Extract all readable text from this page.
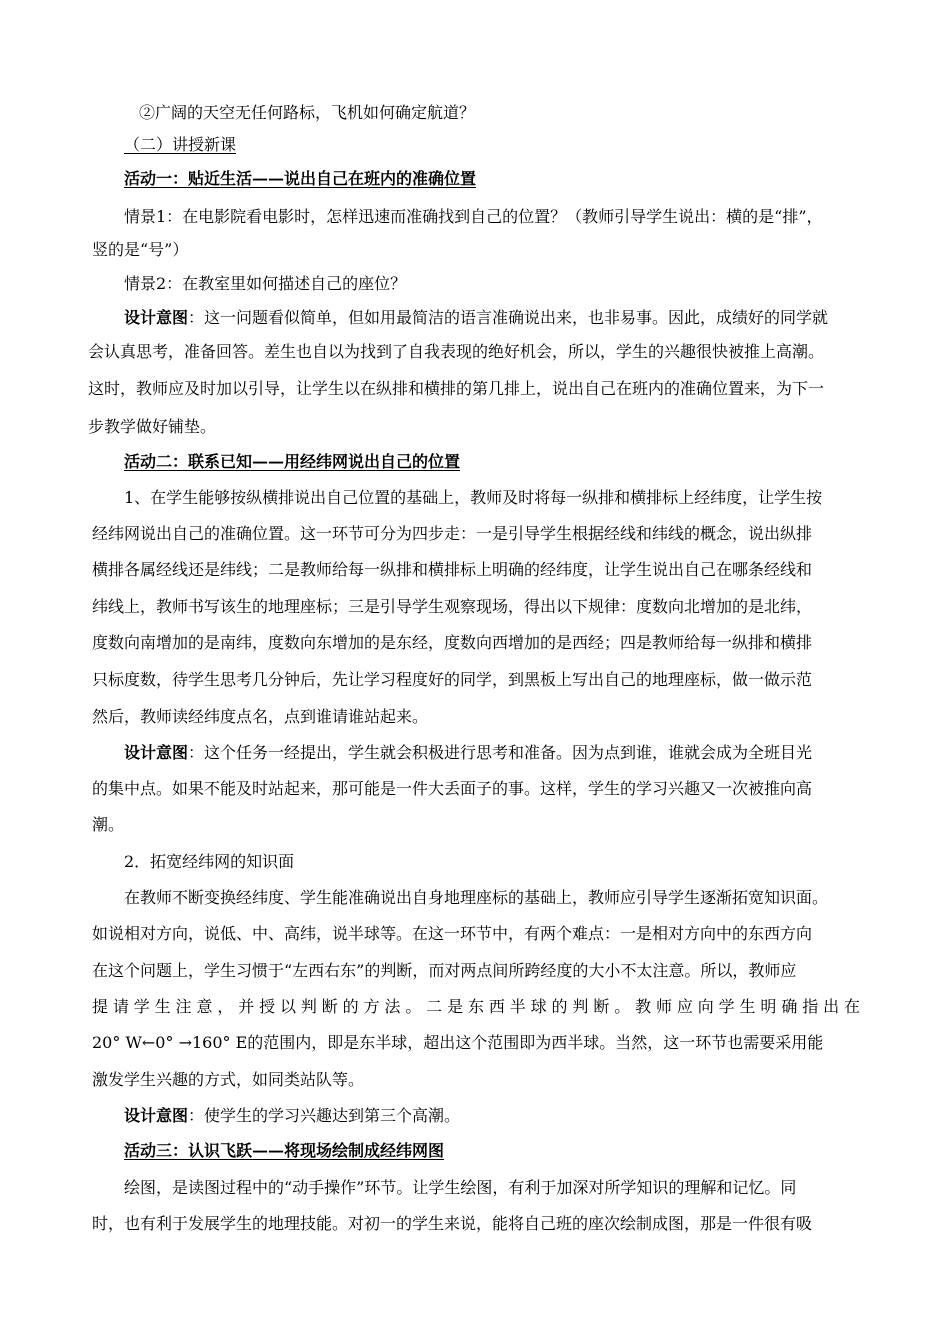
②广阔的天空无任何路标，飞机如何确定航道？
（二）讲授新课
活动一：贴近生活——说出自己在班内的准确位置
情景1：在电影院看电影时，怎样迅速而准确找到自己的位置？（教师引导学生说出：横的是“排”，
竖的是“号”）
情景2：在教室里如何描述自己的座位？
设计意图：这一问题看似简单，但如用最简洁的语言准确说出来，也非易事。因此，成绩好的同学就
会认真思考，准备回答。差生也自以为找到了自我表现的绝好机会，所以，学生的兴趣很快被推上高潮。
这时，教师应及时加以引导，让学生以在纵排和横排的第几排上，说出自己在班内的准确位置来，为下一
步教学做好铺垫。
活动二：联系已知——用经纬网说出自己的位置
1、在学生能够按纵横排说出自己位置的基础上，教师及时将每一纵排和横排标上经纬度，让学生按
经纬网说出自己的准确位置。这一环节可分为四步走：一是引导学生根据经线和纬线的概念，说出纵排
横排各属经线还是纬线；二是教师给每一纵排和横排标上明确的经纬度，让学生说出自己在哪条经线和
纬线上，教师书写该生的地理座标；三是引导学生观察现场，得出以下规律：度数向北增加的是北纬，
度数向南增加的是南纬，度数向东增加的是东经，度数向西增加的是西经；四是教师给每一纵排和横排
只标度数，待学生思考几分钟后，先让学习程度好的同学，到黑板上写出自己的地理座标，做一做示范
然后，教师读经纬度点名，点到谁请谁站起来。
设计意图：这个任务一经提出，学生就会积极进行思考和准备。因为点到谁，谁就会成为全班目光
的集中点。如果不能及时站起来，那可能是一件大丢面子的事。这样，学生的学习兴趣又一次被推向高
潮。
2．拓宽经纬网的知识面
在教师不断变换经纬度、学生能准确说出自身地理座标的基础上，教师应引导学生逐渐拓宽知识面。
如说相对方向，说低、中、高纬，说半球等。在这一环节中，有两个难点：一是相对方向中的东西方向
在这个问题上，学生习惯于“左西右东”的判断，而对两点间所跨经度的大小不太注意。所以，教师应
提请学生注意，并授以判断的方法。二是东西半球的判断。教师应向学生明确指出在
20° W←0° →160° E的范围内，即是东半球，超出这个范围即为西半球。当然，这一环节也需要采用能
激发学生兴趣的方式，如同类站队等。
设计意图：使学生的学习兴趣达到第三个高潮。
活动三：认识飞跃——将现场绘制成经纬网图
绘图，是读图过程中的“动手操作”环节。让学生绘图，有利于加深对所学知识的理解和记忆。同
时，也有利于发展学生的地理技能。对初一的学生来说，能将自己班的座次绘制成图，那是一件很有吸
